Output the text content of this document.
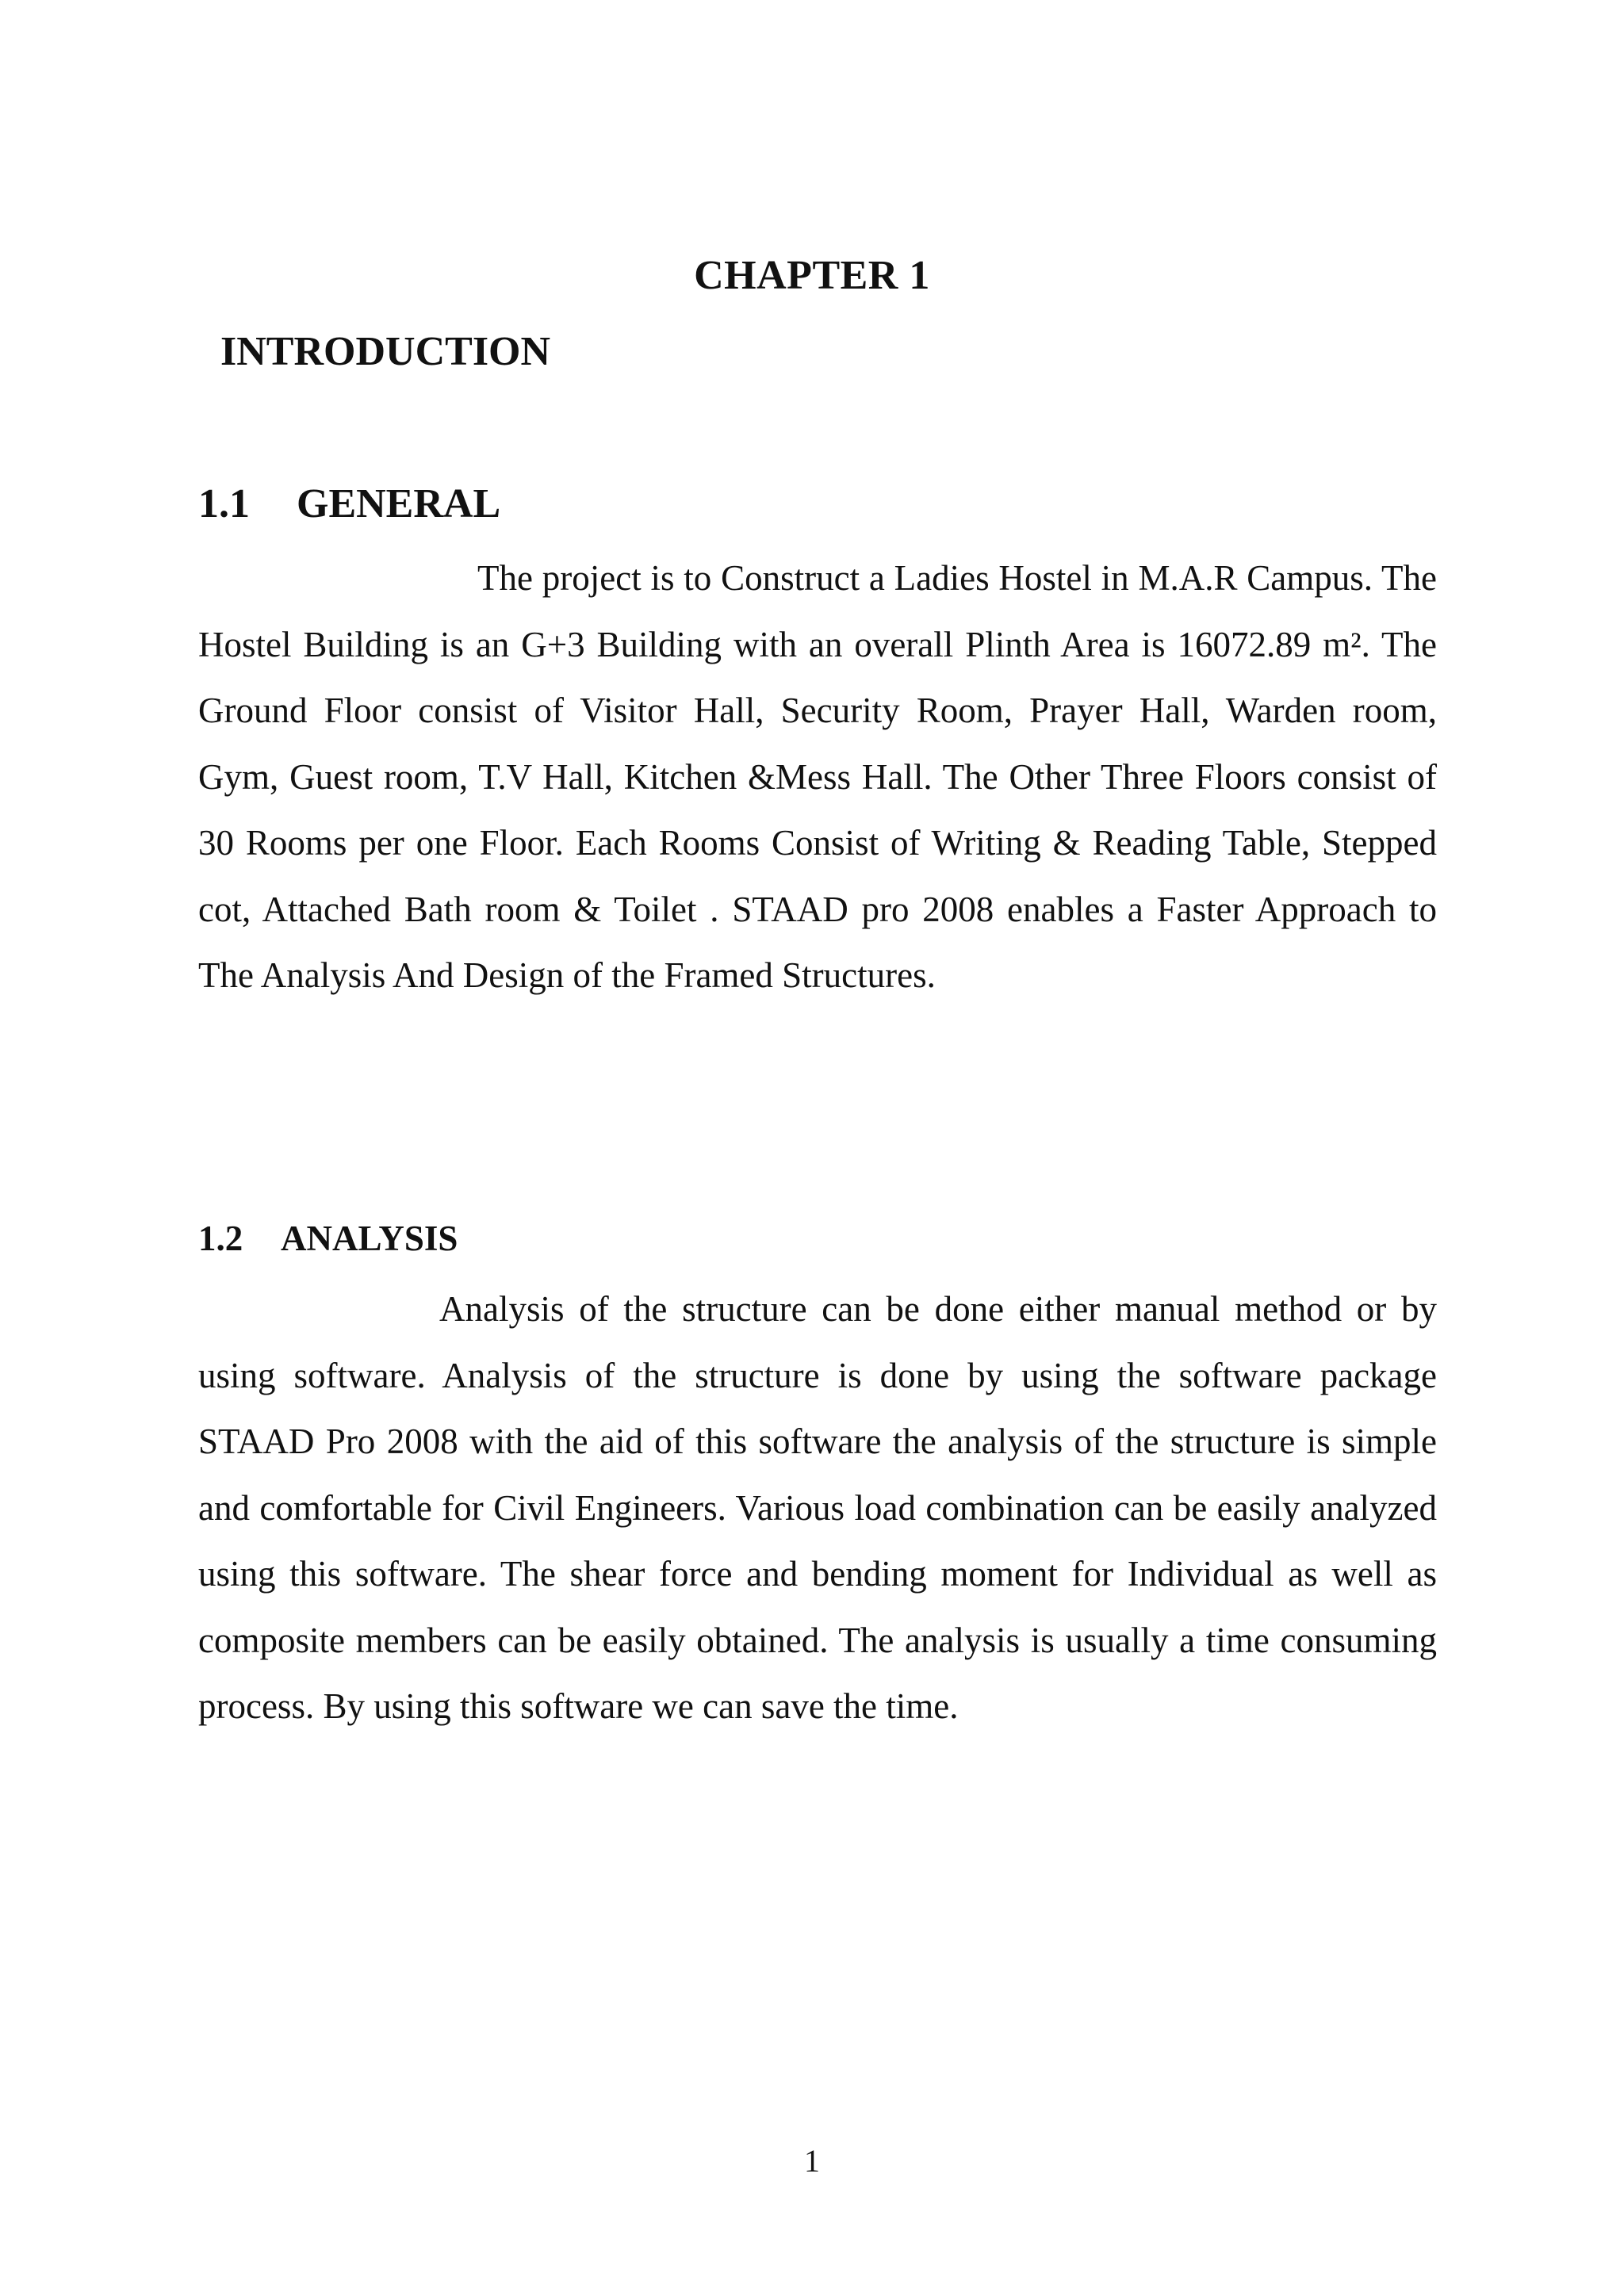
CHAPTER 1
INTRODUCTION
1.1 GENERAL

The project is to Construct a Ladies Hostel in M.A.R Campus. The Hostel Building is an G+3 Building with an overall Plinth Area is 16072.89 m². The Ground Floor consist of Visitor Hall, Security Room, Prayer Hall, Warden room, Gym, Guest room, T.V Hall, Kitchen &Mess Hall. The Other Three Floors consist of 30 Rooms per one Floor. Each Rooms Consist of Writing & Reading Table, Stepped cot, Attached Bath room & Toilet . STAAD pro 2008 enables a Faster Approach to The Analysis And Design of the Framed Structures.

1.2 ANALYSIS

Analysis of the structure can be done either manual method or by using software. Analysis of the structure is done by using the software package STAAD Pro 2008 with the aid of this software the analysis of the structure is simple and comfortable for Civil Engineers. Various load combination can be easily analyzed using this software. The shear force and bending moment for Individual as well as composite members can be easily obtained. The analysis is usually a time consuming process. By using this software we can save the time.

1
